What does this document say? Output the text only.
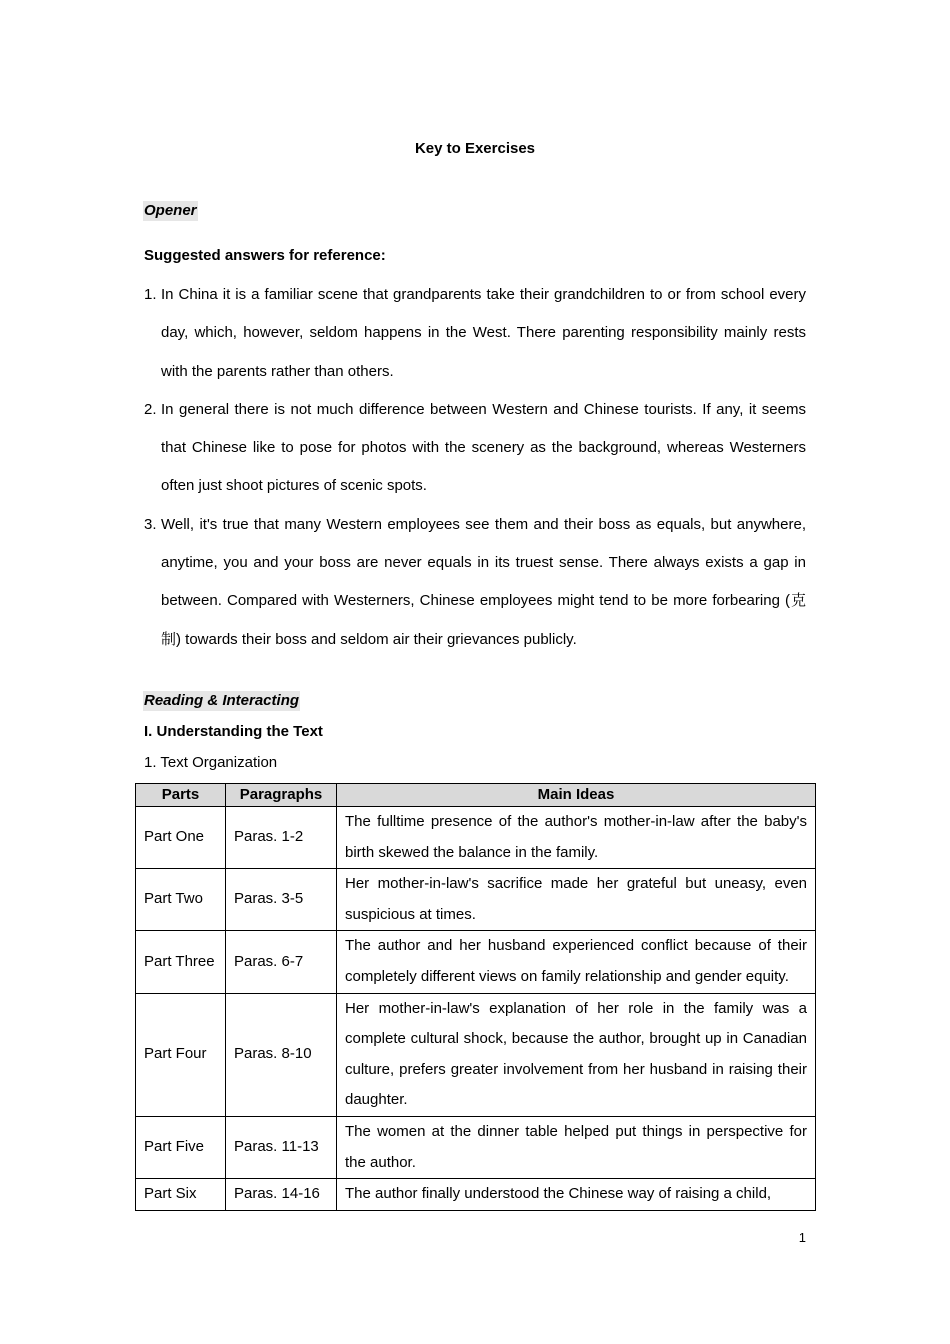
Key to Exercises
Opener
Suggested answers for reference:
1. In China it is a familiar scene that grandparents take their grandchildren to or from school every day, which, however, seldom happens in the West. There parenting responsibility mainly rests with the parents rather than others.
2. In general there is not much difference between Western and Chinese tourists. If any, it seems that Chinese like to pose for photos with the scenery as the background, whereas Westerners often just shoot pictures of scenic spots.
3. Well, it's true that many Western employees see them and their boss as equals, but anywhere, anytime, you and your boss are never equals in its truest sense. There always exists a gap in between. Compared with Westerners, Chinese employees might tend to be more forbearing (克制) towards their boss and seldom air their grievances publicly.
Reading & Interacting
I. Understanding the Text
1. Text Organization
Parts	Paragraphs	Main Ideas
Part One	Paras. 1-2	The fulltime presence of the author's mother-in-law after the baby's birth skewed the balance in the family.
Part Two	Paras. 3-5	Her mother-in-law's sacrifice made her grateful but uneasy, even suspicious at times.
Part Three	Paras. 6-7	The author and her husband experienced conflict because of their completely different views on family relationship and gender equity.
Part Four	Paras. 8-10	Her mother-in-law's explanation of her role in the family was a complete cultural shock, because the author, brought up in Canadian culture, prefers greater involvement from her husband in raising their daughter.
Part Five	Paras. 11-13	The women at the dinner table helped put things in perspective for the author.
Part Six	Paras. 14-16	The author finally understood the Chinese way of raising a child,
1
